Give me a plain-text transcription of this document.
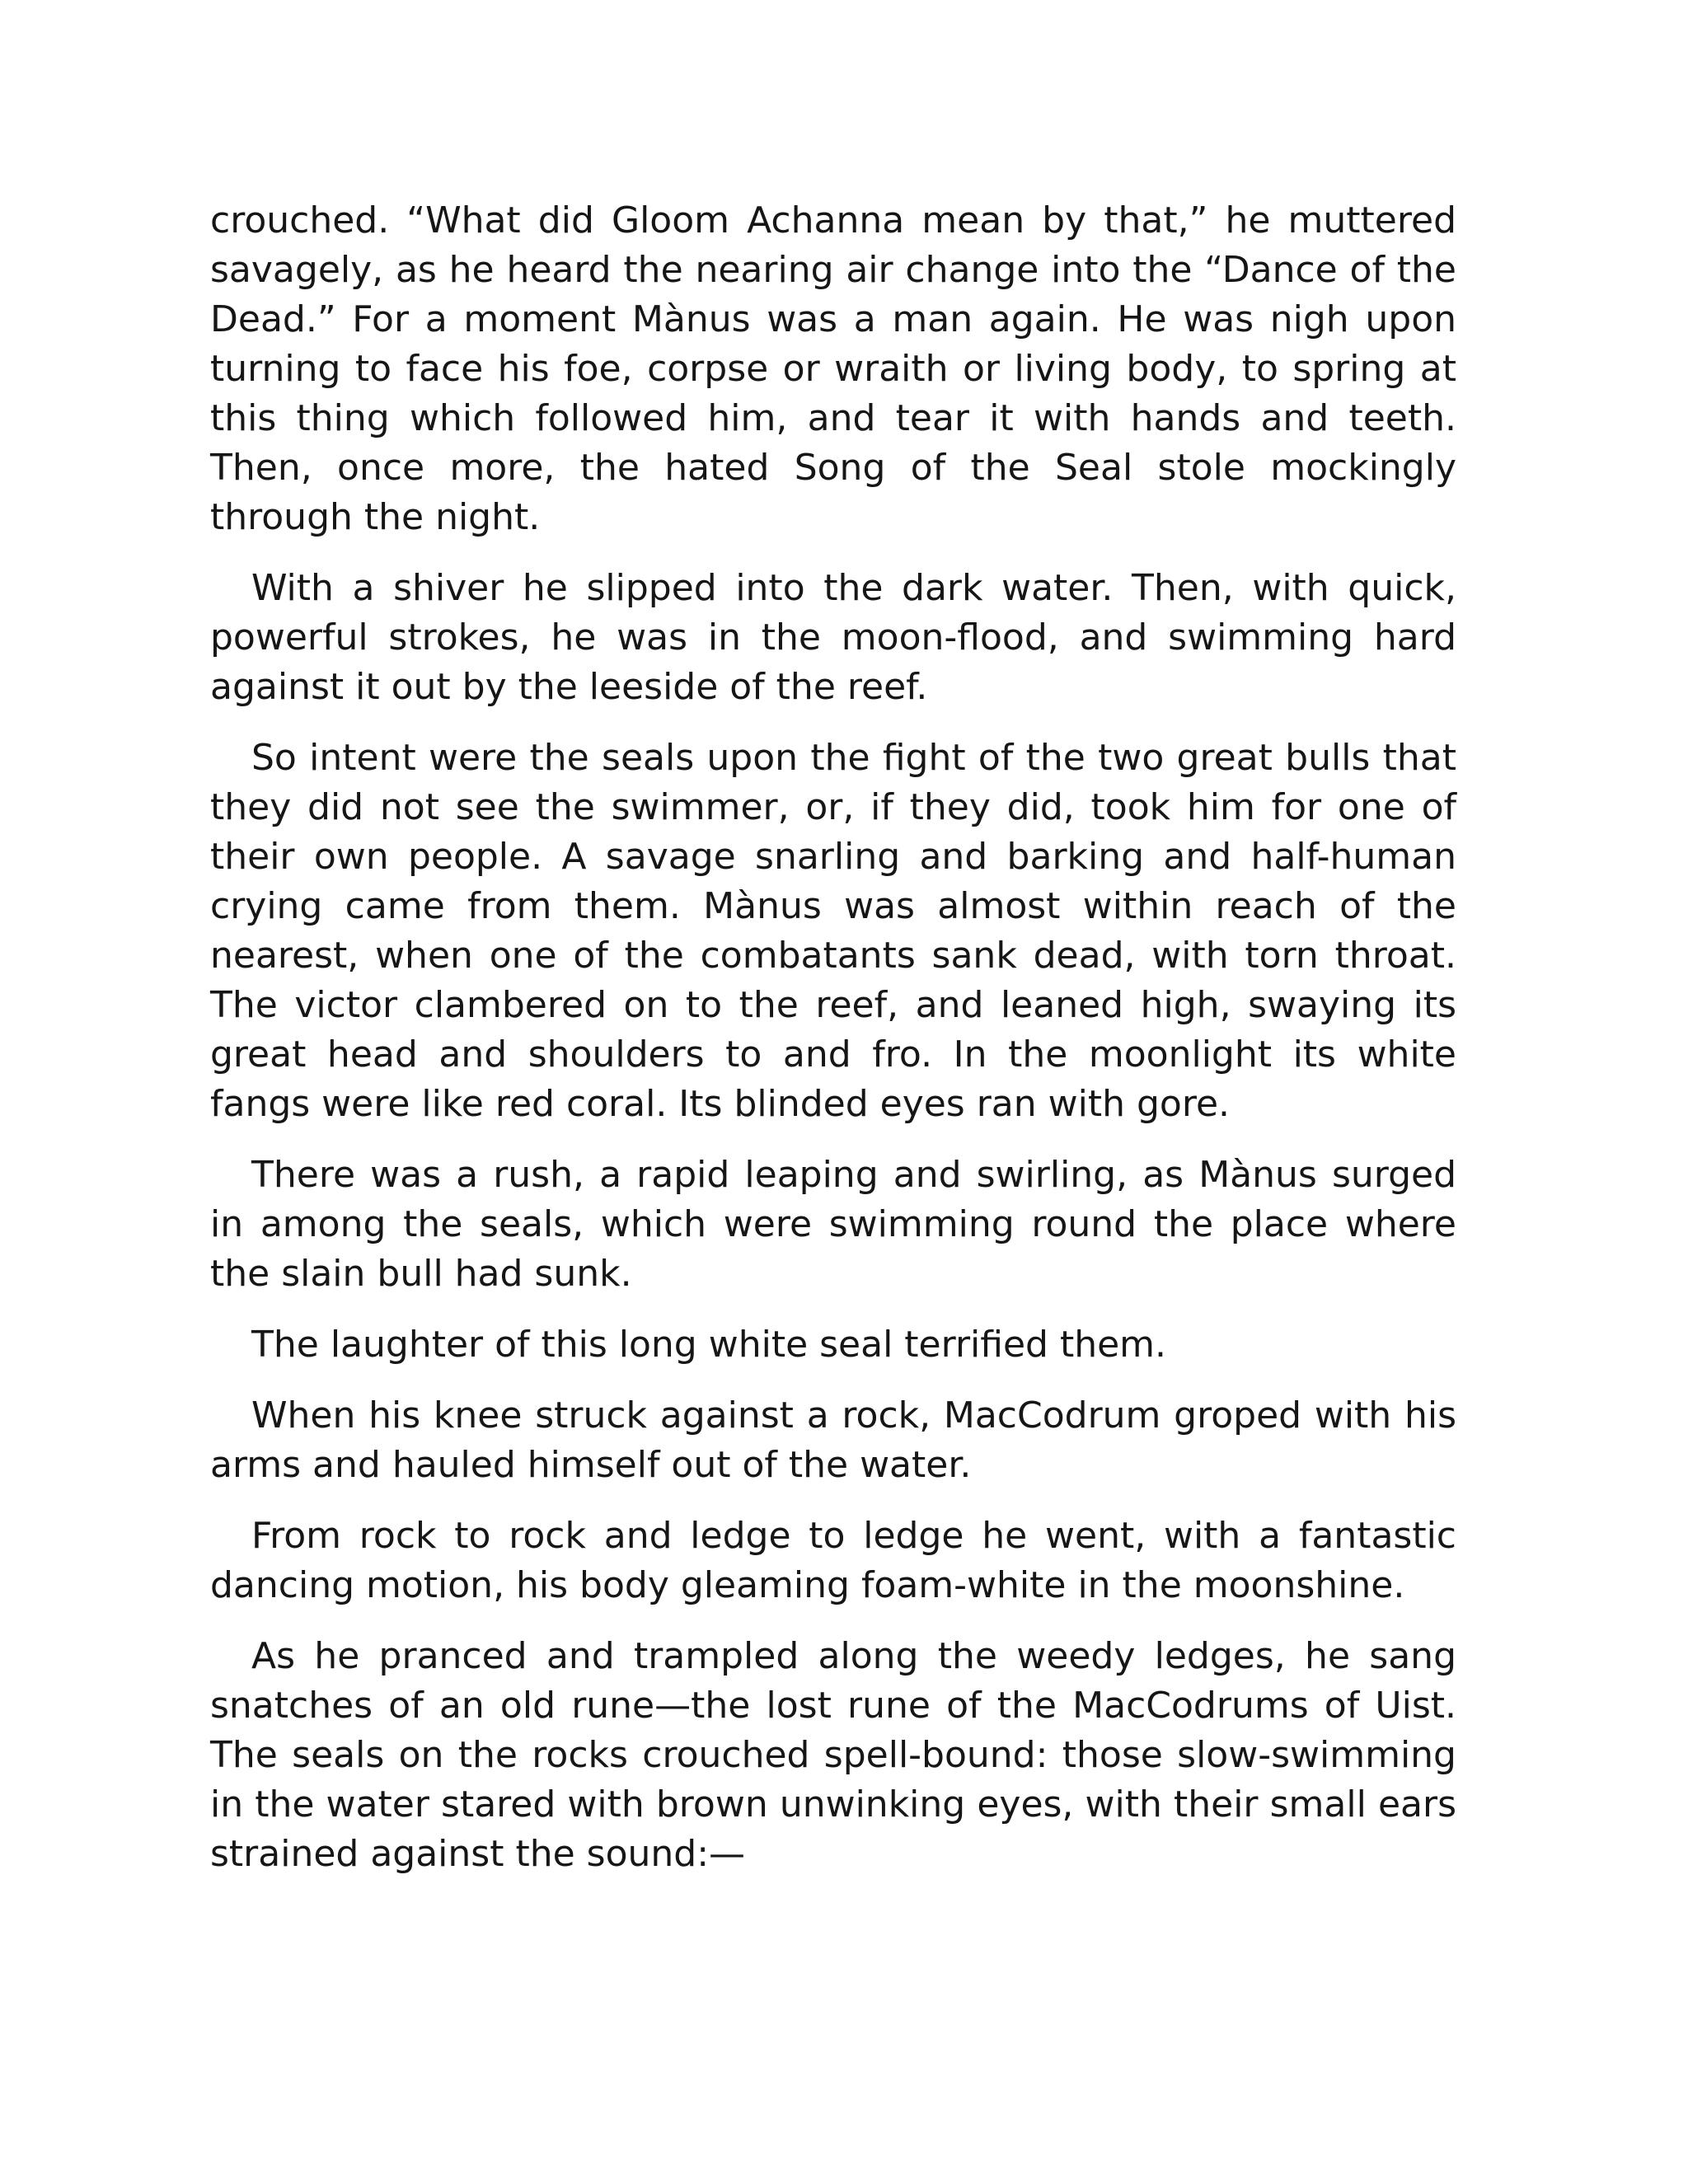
crouched. “What did Gloom Achanna mean by that,” he muttered savagely, as he heard the nearing air change into the “Dance of the Dead.” For a moment Mànus was a man again. He was nigh upon turning to face his foe, corpse or wraith or living body, to spring at this thing which followed him, and tear it with hands and teeth. Then, once more, the hated Song of the Seal stole mockingly through the night.

With a shiver he slipped into the dark water. Then, with quick, powerful strokes, he was in the moon-flood, and swimming hard against it out by the leeside of the reef.

So intent were the seals upon the fight of the two great bulls that they did not see the swimmer, or, if they did, took him for one of their own people. A savage snarling and barking and half-human crying came from them. Mànus was almost within reach of the nearest, when one of the combatants sank dead, with torn throat. The victor clambered on to the reef, and leaned high, swaying its great head and shoulders to and fro. In the moonlight its white fangs were like red coral. Its blinded eyes ran with gore.

There was a rush, a rapid leaping and swirling, as Mànus surged in among the seals, which were swimming round the place where the slain bull had sunk.

The laughter of this long white seal terrified them.

When his knee struck against a rock, MacCodrum groped with his arms and hauled himself out of the water.

From rock to rock and ledge to ledge he went, with a fantastic dancing motion, his body gleaming foam-white in the moonshine.

As he pranced and trampled along the weedy ledges, he sang snatches of an old rune—the lost rune of the MacCodrums of Uist. The seals on the rocks crouched spell-bound: those slow-swimming in the water stared with brown unwinking eyes, with their small ears strained against the sound:—
